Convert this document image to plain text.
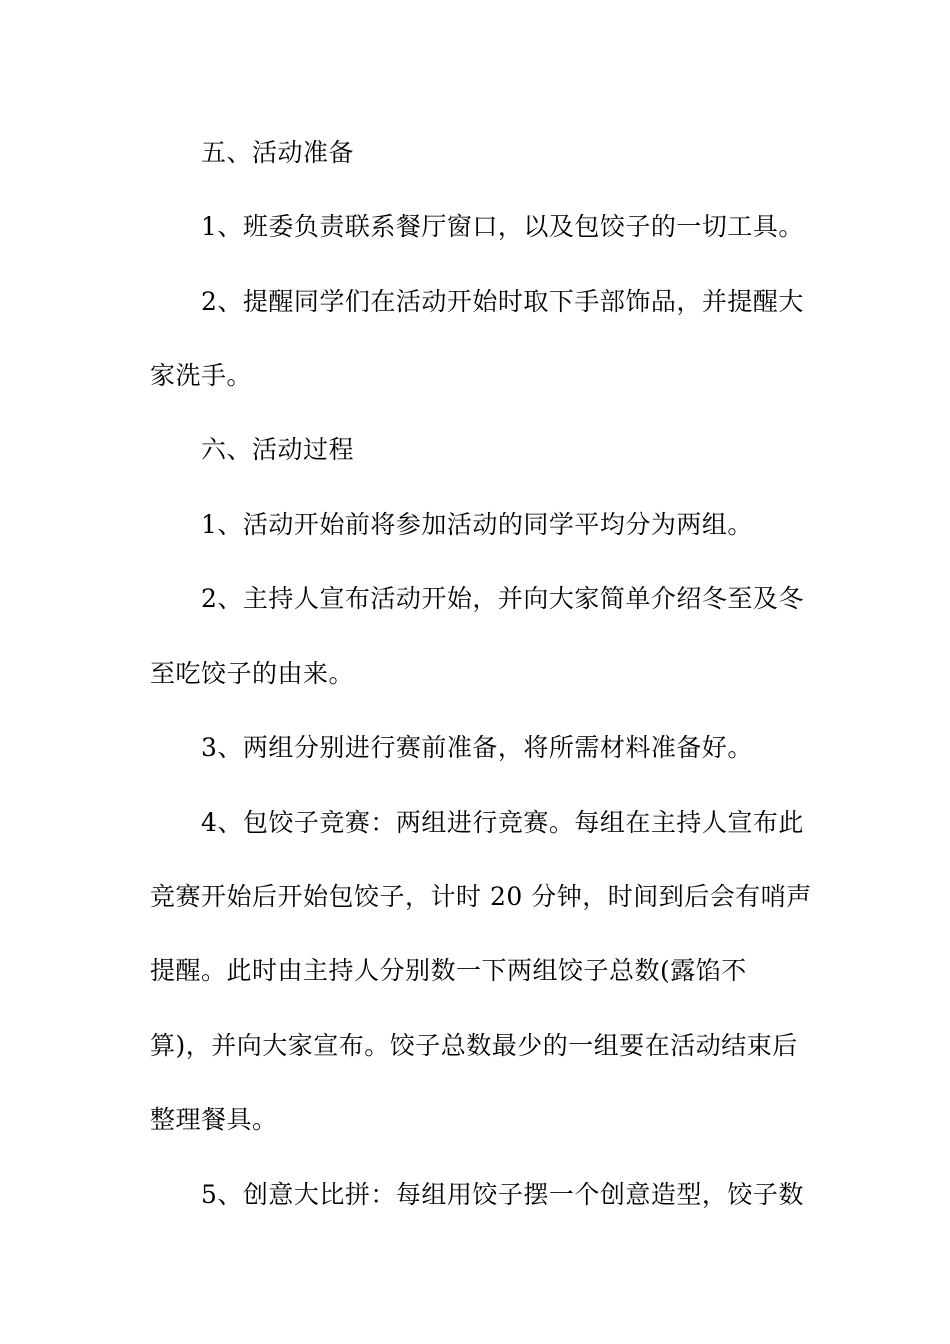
五、活动准备
1、班委负责联系餐厅窗口，以及包饺子的一切工具。
2、提醒同学们在活动开始时取下手部饰品，并提醒大
家洗手。
六、活动过程
1、活动开始前将参加活动的同学平均分为两组。
2、主持人宣布活动开始，并向大家简单介绍冬至及冬
至吃饺子的由来。
3、两组分别进行赛前准备，将所需材料准备好。
4、包饺子竞赛：两组进行竞赛。每组在主持人宣布此
竞赛开始后开始包饺子，计时 20 分钟，时间到后会有哨声
提醒。此时由主持人分别数一下两组饺子总数(露馅不
算)，并向大家宣布。饺子总数最少的一组要在活动结束后
整理餐具。
5、创意大比拼：每组用饺子摆一个创意造型，饺子数
